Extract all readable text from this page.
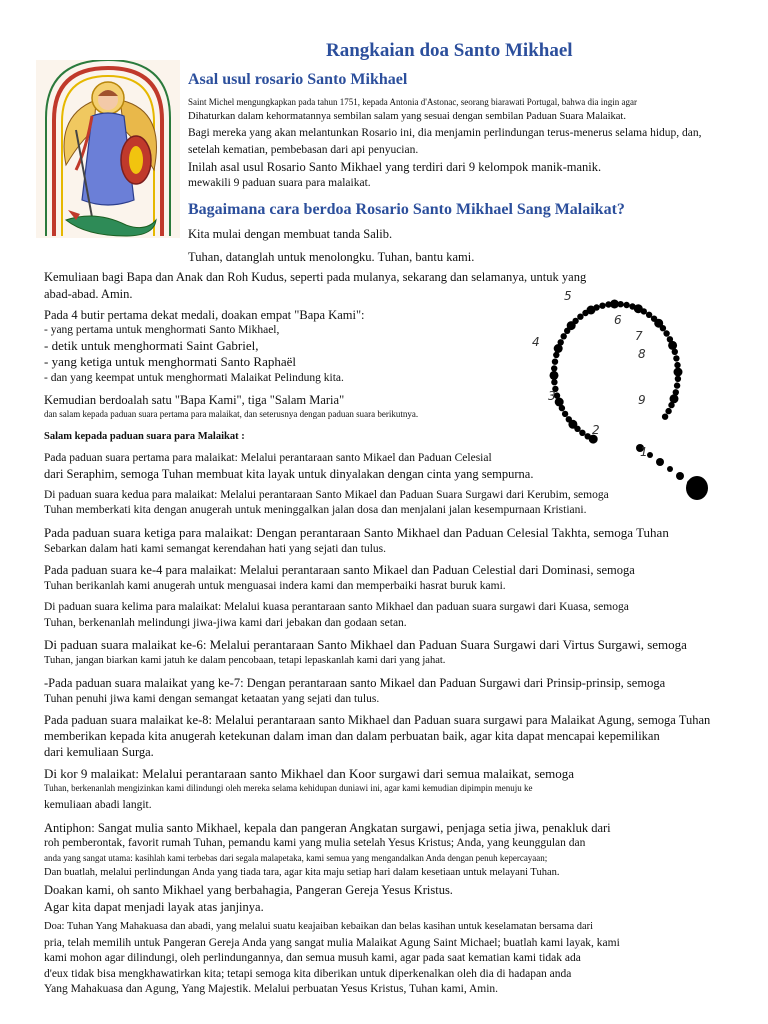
Rangkaian doa Santo Mikhael
Asal usul rosario Santo Mikhael
Saint Michel mengungkapkan pada tahun 1751, kepada Antonia d'Astonac, seorang biarawati Portugal, bahwa dia ingin agar
Dihaturkan dalam kehormatannya sembilan salam yang sesuai dengan sembilan Paduan Suara Malaikat.
Bagi mereka yang akan melantunkan Rosario ini, dia menjamin perlindungan terus-menerus selama hidup, dan,
setelah kematian, pembebasan dari api penyucian.
Inilah asal usul Rosario Santo Mikhael yang terdiri dari 9 kelompok manik-manik.
mewakili 9 paduan suara para malaikat.
Bagaimana cara berdoa Rosario Santo Mikhael Sang Malaikat?
Kita mulai dengan membuat tanda Salib.
Tuhan, datanglah untuk menolongku. Tuhan, bantu kami.
5
6
4	7
8
3	9
2
1
Kemuliaan bagi Bapa dan Anak dan Roh Kudus, seperti pada mulanya, sekarang dan selamanya, untuk yang
abad-abad. Amin.
Pada 4 butir pertama dekat medali, doakan empat "Bapa Kami":
- yang pertama untuk menghormati Santo Mikhael,
- detik untuk menghormati Saint Gabriel,
- yang ketiga untuk menghormati Santo Raphaël
- dan yang keempat untuk menghormati Malaikat Pelindung kita.
Kemudian berdoalah satu "Bapa Kami", tiga "Salam Maria"
dan salam kepada paduan suara pertama para malaikat, dan seterusnya dengan paduan suara berikutnya.
Salam kepada paduan suara para Malaikat :
Pada paduan suara pertama para malaikat: Melalui perantaraan santo Mikael dan Paduan Celesial
dari Seraphim, semoga Tuhan membuat kita layak untuk dinyalakan dengan cinta yang sempurna.
Di paduan suara kedua para malaikat: Melalui perantaraan Santo Mikael dan Paduan Suara Surgawi dari Kerubim, semoga
Tuhan memberkati kita dengan anugerah untuk meninggalkan jalan dosa dan menjalani jalan kesempurnaan Kristiani.
Pada paduan suara ketiga para malaikat: Dengan perantaraan Santo Mikhael dan Paduan Celesial Takhta, semoga Tuhan
Sebarkan dalam hati kami semangat kerendahan hati yang sejati dan tulus.
Pada paduan suara ke-4 para malaikat: Melalui perantaraan santo Mikael dan Paduan Celestial dari Dominasi, semoga
Tuhan berikanlah kami anugerah untuk menguasai indera kami dan memperbaiki hasrat buruk kami.
Di paduan suara kelima para malaikat: Melalui kuasa perantaraan santo Mikhael dan paduan suara surgawi dari Kuasa, semoga
Tuhan, berkenanlah melindungi jiwa-jiwa kami dari jebakan dan godaan setan.
Di paduan suara malaikat ke-6: Melalui perantaraan Santo Mikhael dan Paduan Suara Surgawi dari Virtus Surgawi, semoga
Tuhan, jangan biarkan kami jatuh ke dalam pencobaan, tetapi lepaskanlah kami dari yang jahat.
-Pada paduan suara malaikat yang ke-7: Dengan perantaraan santo Mikael dan Paduan Surgawi dari Prinsip-prinsip, semoga
Tuhan penuhi jiwa kami dengan semangat ketaatan yang sejati dan tulus.
Pada paduan suara malaikat ke-8: Melalui perantaraan santo Mikhael dan Paduan suara surgawi para Malaikat Agung, semoga Tuhan
memberikan kepada kita anugerah ketekunan dalam iman dan dalam perbuatan baik, agar kita dapat mencapai kepemilikan
dari kemuliaan Surga.
Di kor 9 malaikat: Melalui perantaraan santo Mikhael dan Koor surgawi dari semua malaikat, semoga
Tuhan, berkenanlah mengizinkan kami dilindungi oleh mereka selama kehidupan duniawi ini, agar kami kemudian dipimpin menuju ke
kemuliaan abadi langit.
Antiphon: Sangat mulia santo Mikhael, kepala dan pangeran Angkatan surgawi, penjaga setia jiwa, penakluk dari
roh pemberontak, favorit rumah Tuhan, pemandu kami yang mulia setelah Yesus Kristus; Anda, yang keunggulan dan
anda yang sangat utama: kasihlah kami terbebas dari segala malapetaka, kami semua yang mengandalkan Anda dengan penuh kepercayaan;
Dan buatlah, melalui perlindungan Anda yang tiada tara, agar kita maju setiap hari dalam kesetiaan untuk melayani Tuhan.
Doakan kami, oh santo Mikhael yang berbahagia, Pangeran Gereja Yesus Kristus.
Agar kita dapat menjadi layak atas janjinya.
Doa: Tuhan Yang Mahakuasa dan abadi, yang melalui suatu keajaiban kebaikan dan belas kasihan untuk keselamatan bersama dari
pria, telah memilih untuk Pangeran Gereja Anda yang sangat mulia Malaikat Agung Saint Michael; buatlah kami layak, kami
kami mohon agar dilindungi, oleh perlindungannya, dan semua musuh kami, agar pada saat kematian kami tidak ada
d'eux tidak bisa mengkhawatirkan kita; tetapi semoga kita diberikan untuk diperkenalkan oleh dia di hadapan anda
Yang Mahakuasa dan Agung, Yang Majestik. Melalui perbuatan Yesus Kristus, Tuhan kami, Amin.
